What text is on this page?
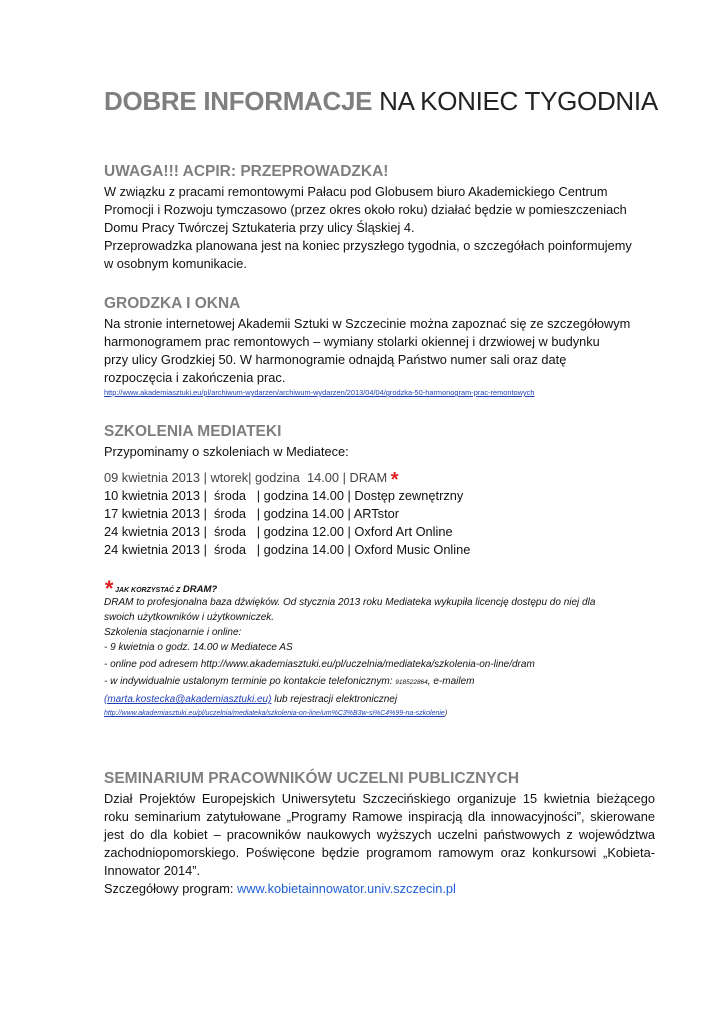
DOBRE INFORMACJE NA KONIEC TYGODNIA
UWAGA!!! ACPIR: PRZEPROWADZKA!

W związku z pracami remontowymi Pałacu pod Globusem biuro Akademickiego Centrum

Promocji i Rozwoju tymczasowo (przez okres około roku) działać będzie w pomieszczeniach

Domu Pracy Twórczej Sztukateria przy ulicy Śląskiej 4.

Przeprowadzka planowana jest na koniec przyszłego tygodnia, o szczegółach poinformujemy

w osobnym komunikacie.

GRODZKA I OKNA

Na stronie internetowej Akademii Sztuki w Szczecinie można zapoznać się ze szczegółowym

harmonogramem prac remontowych – wymiany stolarki okiennej i drzwiowej w budynku

przy ulicy Grodzkiej 50. W harmonogramie odnajdą Państwo numer sali oraz datę

rozpoczęcia i zakończenia prac.

http://www.akademiasztuki.eu/pl/archiwum-wydarzen/archiwum-wydarzen/2013/04/04/grodzka-50-harmonogram-prac-remontowych
SZKOLENIA MEDIATEKI

Przypominamy o szkoleniach w Mediatece:

09 kwietnia 2013 | wtorek| godzina  14.00 | DRAM *

10 kwietnia 2013 |  środa   | godzina 14.00 | Dostęp zewnętrzny

17 kwietnia 2013 |  środa   | godzina 14.00 | ARTstor

24 kwietnia 2013 |  środa   | godzina 12.00 | Oxford Art Online

24 kwietnia 2013 |  środa   | godzina 14.00 | Oxford Music Online

* JAK KORZYSTAĆ Z DRAM?

DRAM to profesjonalna baza dźwięków. Od stycznia 2013 roku Mediateka wykupiła licencję dostępu do niej dla

swoich użytkowników i użytkowniczek.

Szkolenia stacjonarnie i online:

- 9 kwietnia o godz. 14.00 w Mediatece AS

- online pod adresem http://www.akademiasztuki.eu/pl/uczelnia/mediateka/szkolenia-on-line/dram

- w indywidualnie ustalonym terminie po kontakcie telefonicznym: 918522864, e-mailem

(marta.kostecka@akademiasztuki.eu) lub rejestracji elektronicznej

http://www.akademiasztuki.eu/pl/uczelnia/mediateka/szkolenia-on-line/um%C3%B3w-si%C4%99-na-szkolenie)

SEMINARIUM PRACOWNIKÓW UCZELNI PUBLICZNYCH

Dział Projektów Europejskich Uniwersytetu Szczecińskiego organizuje 15 kwietnia bieżącego roku seminarium zatytułowane „Programy Ramowe inspiracją dla innowacyjności”, skierowane jest do dla kobiet – pracowników naukowych wyższych uczelni państwowych z województwa zachodniopomorskiego. Poświęcone będzie programom ramowym oraz konkursowi „Kobieta-Innowator 2014”.

Szczegółowy program: www.kobietainnowator.univ.szczecin.pl
